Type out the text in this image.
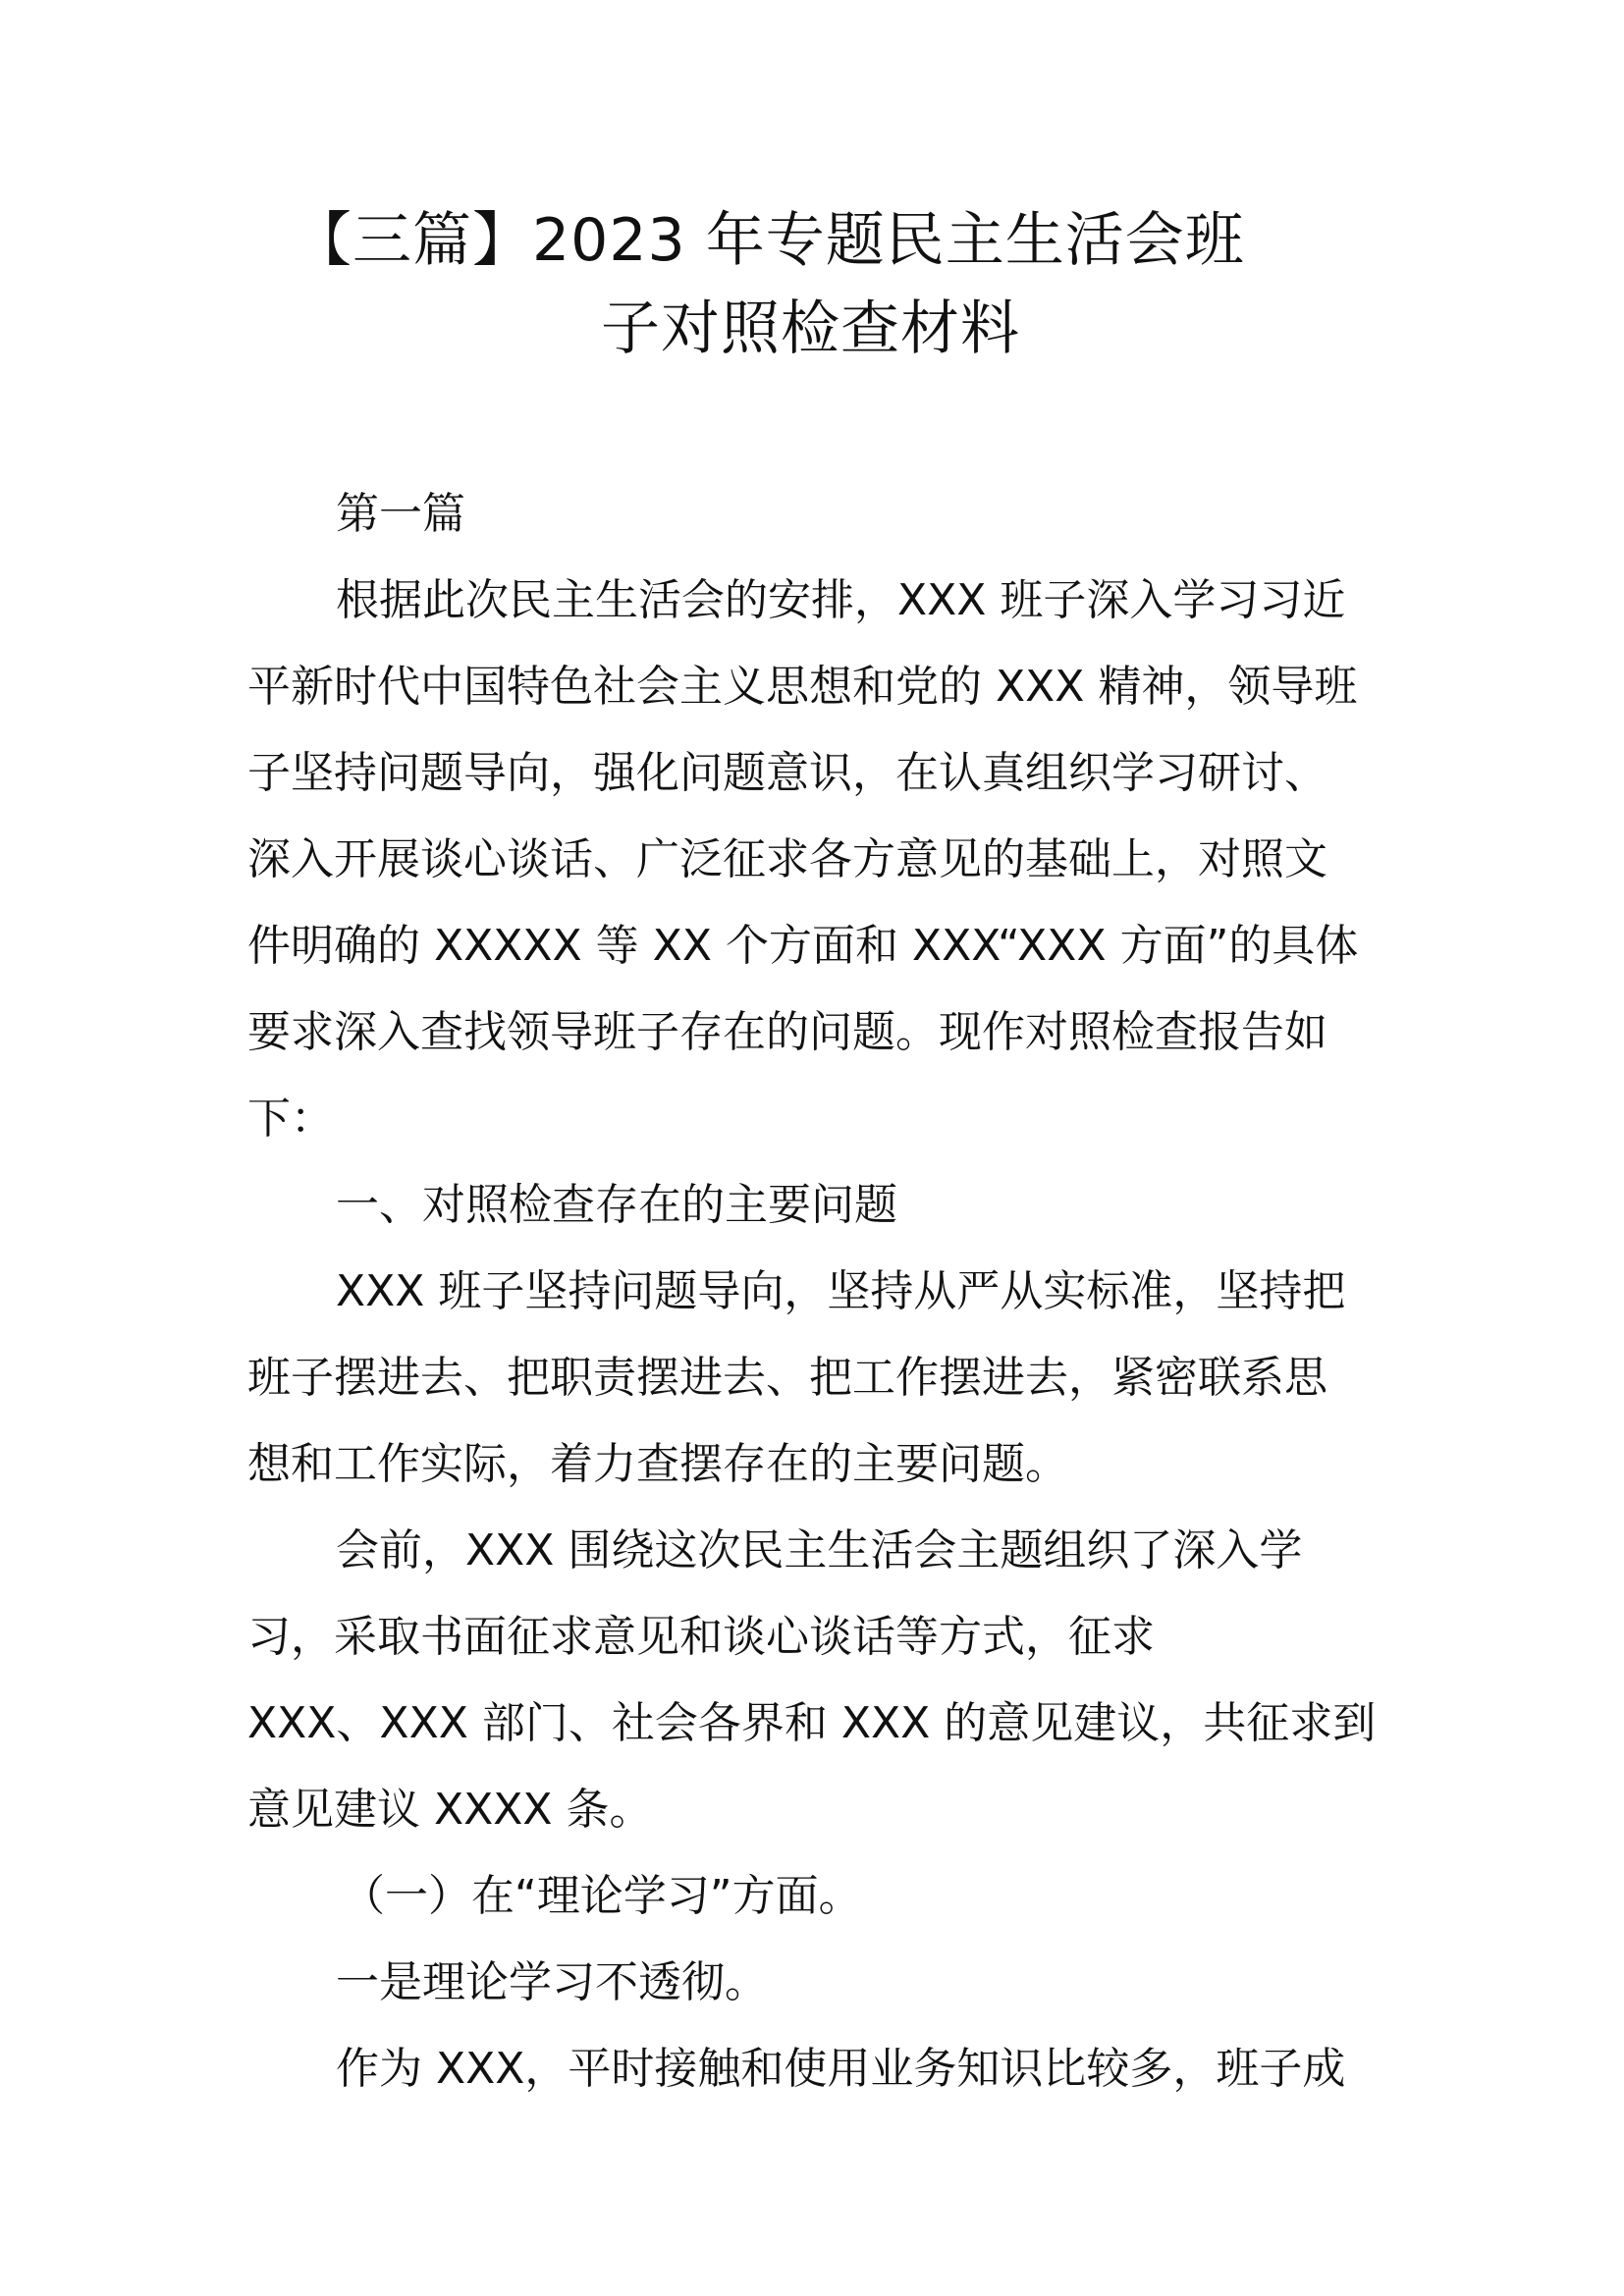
【三篇】2023 年专题民主生活会班
子对照检查材料
第一篇
根据此次民主生活会的安排，XXX 班子深入学习习近
平新时代中国特色社会主义思想和党的 XXX 精神，领导班
子坚持问题导向，强化问题意识，在认真组织学习研讨、
深入开展谈心谈话、广泛征求各方意见的基础上，对照文
件明确的 XXXXX 等 XX 个方面和 XXX“XXX 方面”的具体
要求深入查找领导班子存在的问题。现作对照检查报告如
下：
一、对照检查存在的主要问题
XXX 班子坚持问题导向，坚持从严从实标准，坚持把
班子摆进去、把职责摆进去、把工作摆进去，紧密联系思
想和工作实际，着力查摆存在的主要问题。
会前，XXX 围绕这次民主生活会主题组织了深入学
习，采取书面征求意见和谈心谈话等方式，征求
XXX、XXX 部门、社会各界和 XXX 的意见建议，共征求到
意见建议 XXXX 条。
（一）在“理论学习”方面。
一是理论学习不透彻。
作为 XXX，平时接触和使用业务知识比较多，班子成
